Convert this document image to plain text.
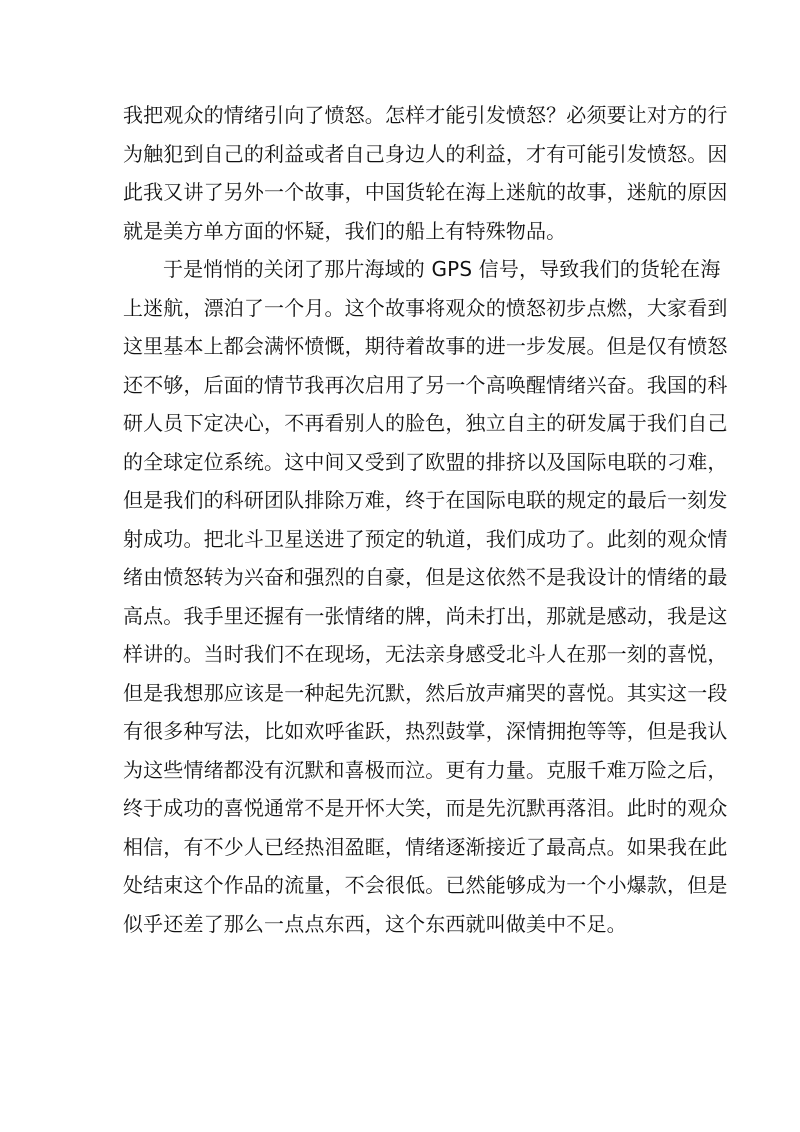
我把观众的情绪引向了愤怒。怎样才能引发愤怒？必须要让对方的行
为触犯到自己的利益或者自己身边人的利益，才有可能引发愤怒。因
此我又讲了另外一个故事，中国货轮在海上迷航的故事，迷航的原因
就是美方单方面的怀疑，我们的船上有特殊物品。
于是悄悄的关闭了那片海域的 GPS 信号，导致我们的货轮在海
上迷航，漂泊了一个月。这个故事将观众的愤怒初步点燃，大家看到
这里基本上都会满怀愤慨，期待着故事的进一步发展。但是仅有愤怒
还不够，后面的情节我再次启用了另一个高唤醒情绪兴奋。我国的科
研人员下定决心，不再看别人的脸色，独立自主的研发属于我们自己
的全球定位系统。这中间又受到了欧盟的排挤以及国际电联的刁难，
但是我们的科研团队排除万难，终于在国际电联的规定的最后一刻发
射成功。把北斗卫星送进了预定的轨道，我们成功了。此刻的观众情
绪由愤怒转为兴奋和强烈的自豪，但是这依然不是我设计的情绪的最
高点。我手里还握有一张情绪的牌，尚未打出，那就是感动，我是这
样讲的。当时我们不在现场，无法亲身感受北斗人在那一刻的喜悦，
但是我想那应该是一种起先沉默，然后放声痛哭的喜悦。其实这一段
有很多种写法，比如欢呼雀跃，热烈鼓掌，深情拥抱等等，但是我认
为这些情绪都没有沉默和喜极而泣。更有力量。克服千难万险之后，
终于成功的喜悦通常不是开怀大笑，而是先沉默再落泪。此时的观众
相信，有不少人已经热泪盈眶，情绪逐渐接近了最高点。如果我在此
处结束这个作品的流量，不会很低。已然能够成为一个小爆款，但是
似乎还差了那么一点点东西，这个东西就叫做美中不足。
